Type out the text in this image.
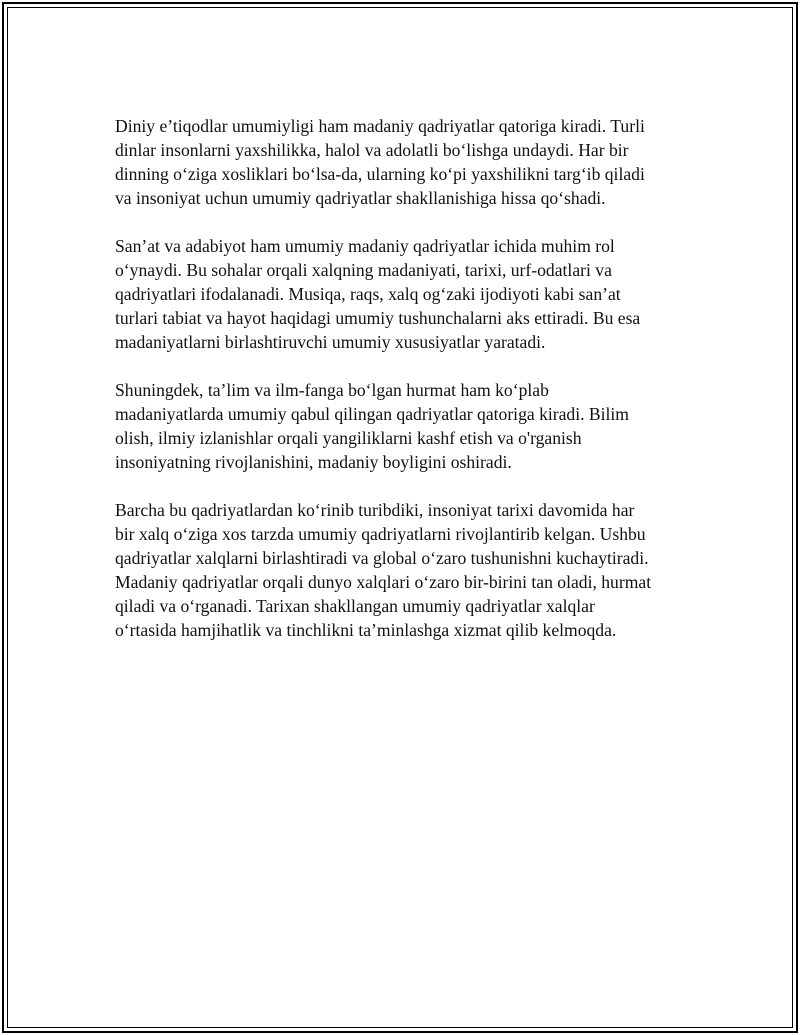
Diniy e’tiqodlar umumiyligi ham madaniy qadriyatlar qatoriga kiradi. Turli
dinlar insonlarni yaxshilikka, halol va adolatli boʻlishga undaydi. Har bir
dinning oʻziga xosliklari boʻlsa-da, ularning koʻpi yaxshilikni targʻib qiladi
va insoniyat uchun umumiy qadriyatlar shakllanishiga hissa qoʻshadi.

San’at va adabiyot ham umumiy madaniy qadriyatlar ichida muhim rol
oʻynaydi. Bu sohalar orqali xalqning madaniyati, tarixi, urf-odatlari va
qadriyatlari ifodalanadi. Musiqa, raqs, xalq ogʻzaki ijodiyoti kabi san’at
turlari tabiat va hayot haqidagi umumiy tushunchalarni aks ettiradi. Bu esa
madaniyatlarni birlashtiruvchi umumiy xususiyatlar yaratadi.

Shuningdek, ta’lim va ilm-fanga boʻlgan hurmat ham koʻplab
madaniyatlarda umumiy qabul qilingan qadriyatlar qatoriga kiradi. Bilim
olish, ilmiy izlanishlar orqali yangiliklarni kashf etish va o'rganish
insoniyatning rivojlanishini, madaniy boyligini oshiradi.

Barcha bu qadriyatlardan koʻrinib turibdiki, insoniyat tarixi davomida har
bir xalq oʻziga xos tarzda umumiy qadriyatlarni rivojlantirib kelgan. Ushbu
qadriyatlar xalqlarni birlashtiradi va global oʻzaro tushunishni kuchaytiradi.
Madaniy qadriyatlar orqali dunyo xalqlari oʻzaro bir-birini tan oladi, hurmat
qiladi va oʻrganadi. Tarixan shakllangan umumiy qadriyatlar xalqlar
oʻrtasida hamjihatlik va tinchlikni ta’minlashga xizmat qilib kelmoqda.
